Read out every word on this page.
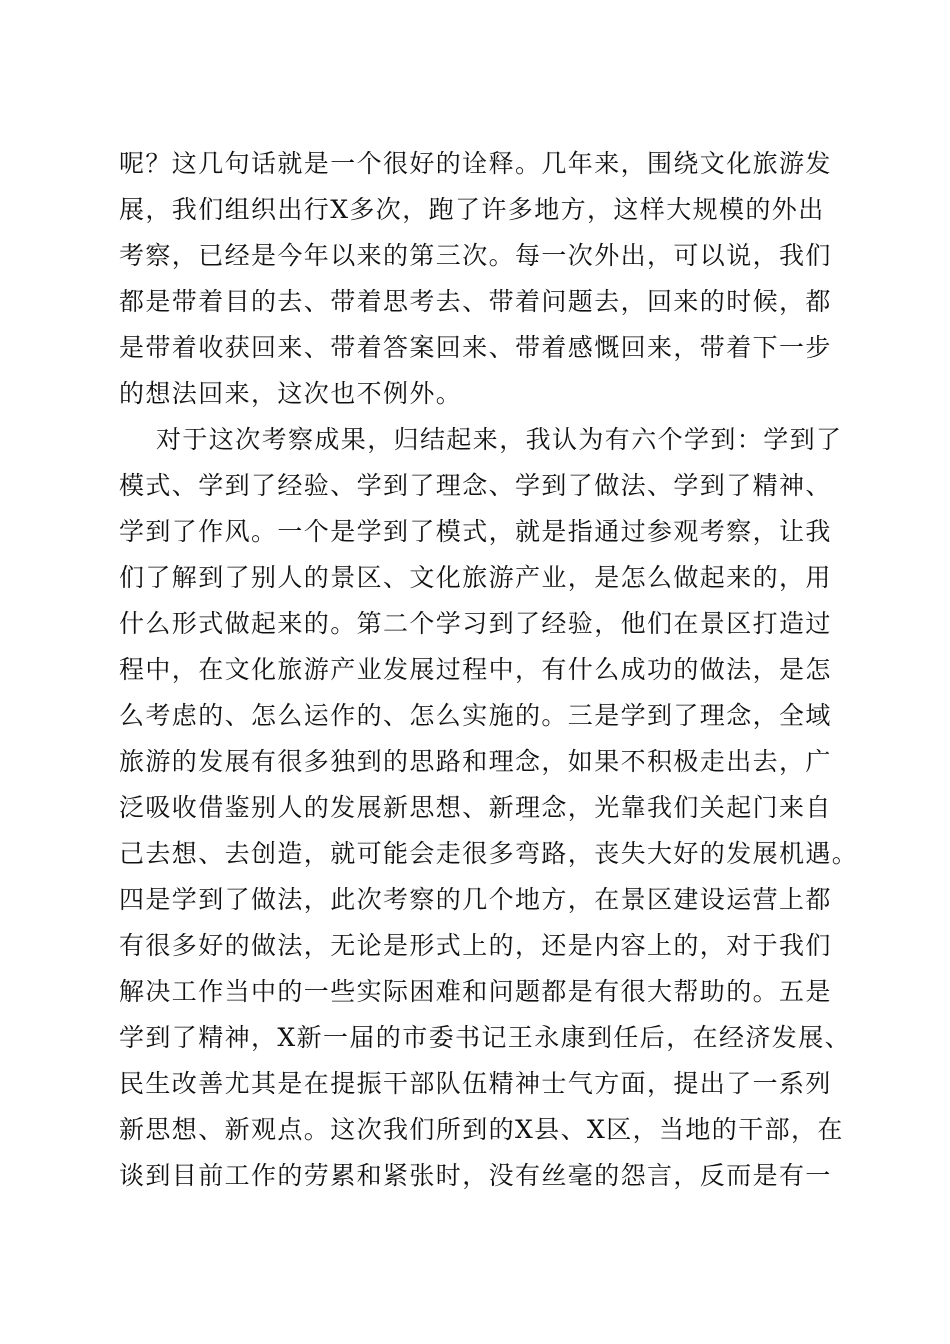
呢？这几句话就是一个很好的诠释。几年来，围绕文化旅游发
展，我们组织出行X多次，跑了许多地方，这样大规模的外出
考察，已经是今年以来的第三次。每一次外出，可以说，我们
都是带着目的去、带着思考去、带着问题去，回来的时候，都
是带着收获回来、带着答案回来、带着感慨回来，带着下一步
的想法回来，这次也不例外。
对于这次考察成果，归结起来，我认为有六个学到：学到了
模式、学到了经验、学到了理念、学到了做法、学到了精神、
学到了作风。一个是学到了模式，就是指通过参观考察，让我
们了解到了别人的景区、文化旅游产业，是怎么做起来的，用
什么形式做起来的。第二个学习到了经验，他们在景区打造过
程中，在文化旅游产业发展过程中，有什么成功的做法，是怎
么考虑的、怎么运作的、怎么实施的。三是学到了理念，全域
旅游的发展有很多独到的思路和理念，如果不积极走出去，广
泛吸收借鉴别人的发展新思想、新理念，光靠我们关起门来自
己去想、去创造，就可能会走很多弯路，丧失大好的发展机遇。
四是学到了做法，此次考察的几个地方，在景区建设运营上都
有很多好的做法，无论是形式上的，还是内容上的，对于我们
解决工作当中的一些实际困难和问题都是有很大帮助的。五是
学到了精神，X新一届的市委书记王永康到任后，在经济发展、
民生改善尤其是在提振干部队伍精神士气方面，提出了一系列
新思想、新观点。这次我们所到的X县、X区，当地的干部，在
谈到目前工作的劳累和紧张时，没有丝毫的怨言，反而是有一
